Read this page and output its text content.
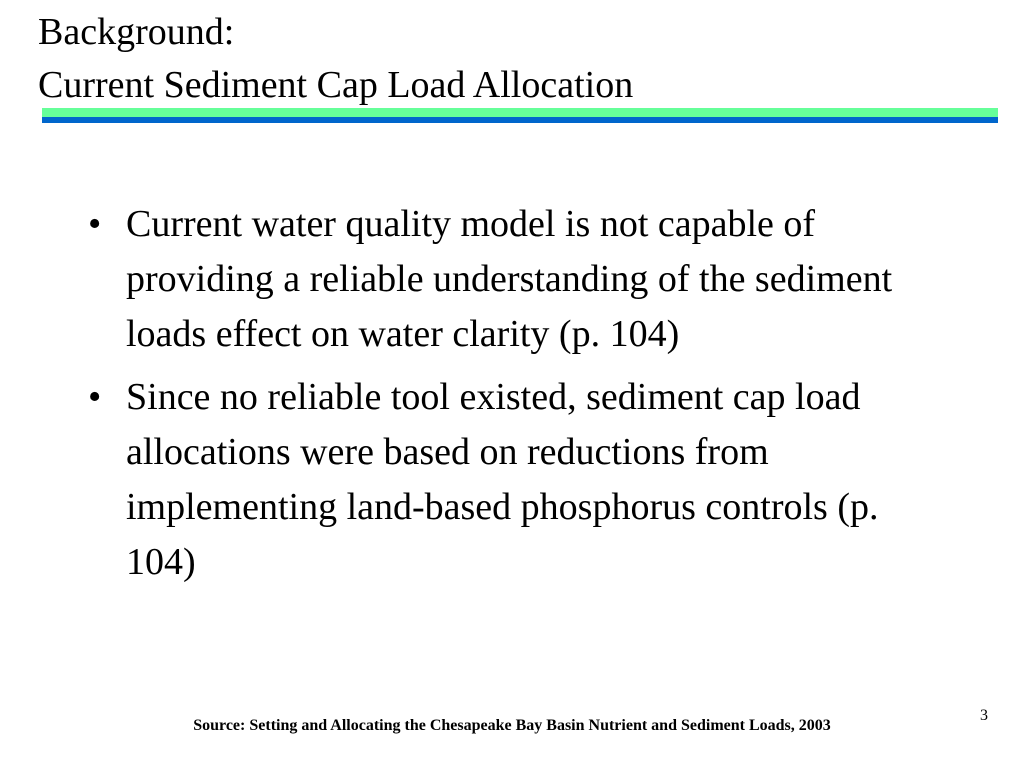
Background:
Current Sediment Cap Load Allocation
• Current water quality model is not capable of providing a reliable understanding of the sediment loads effect on water clarity (p. 104)
• Since no reliable tool existed, sediment cap load allocations were based on reductions from implementing land-based phosphorus controls (p. 104)
3
Source: Setting and Allocating the Chesapeake Bay Basin Nutrient and Sediment Loads, 2003
